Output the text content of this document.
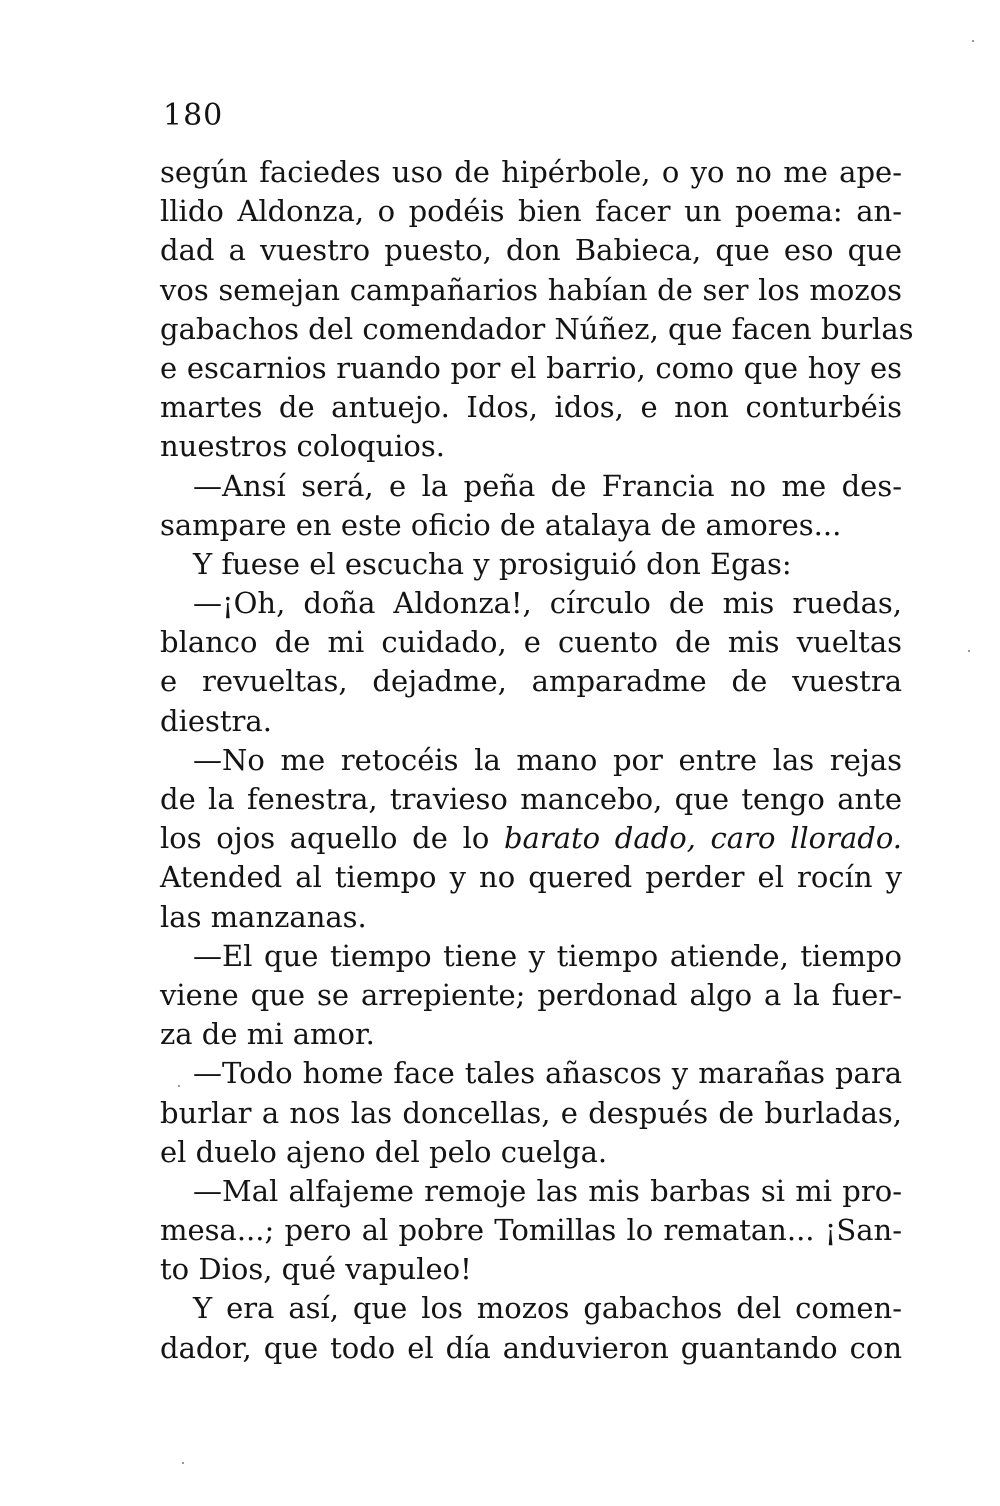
180
según faciedes uso de hipérbole, o yo no me ape-
llido Aldonza, o podéis bien facer un poema: an-
dad a vuestro puesto, don Babieca, que eso que
vos semejan campañarios habían de ser los mozos
gabachos del comendador Núñez, que facen burlas
e escarnios ruando por el barrio, como que hoy es
martes de antuejo. Idos, idos, e non conturbéis
nuestros coloquios.
—Ansí será, e la peña de Francia no me des-
sampare en este oficio de atalaya de amores...
Y fuese el escucha y prosiguió don Egas:
—¡Oh, doña Aldonza!, círculo de mis ruedas,
blanco de mi cuidado, e cuento de mis vueltas
e revueltas, dejadme, amparadme de vuestra
diestra.
—No me retocéis la mano por entre las rejas
de la fenestra, travieso mancebo, que tengo ante
los ojos aquello de lo barato dado, caro llorado.
Atended al tiempo y no quered perder el rocín y
las manzanas.
—El que tiempo tiene y tiempo atiende, tiempo
viene que se arrepiente; perdonad algo a la fuer-
za de mi amor.
—Todo home face tales añascos y marañas para
burlar a nos las doncellas, e después de burladas,
el duelo ajeno del pelo cuelga.
—Mal alfajeme remoje las mis barbas si mi pro-
mesa...; pero al pobre Tomillas lo rematan... ¡San-
to Dios, qué vapuleo!
Y era así, que los mozos gabachos del comen-
dador, que todo el día anduvieron guantando con
